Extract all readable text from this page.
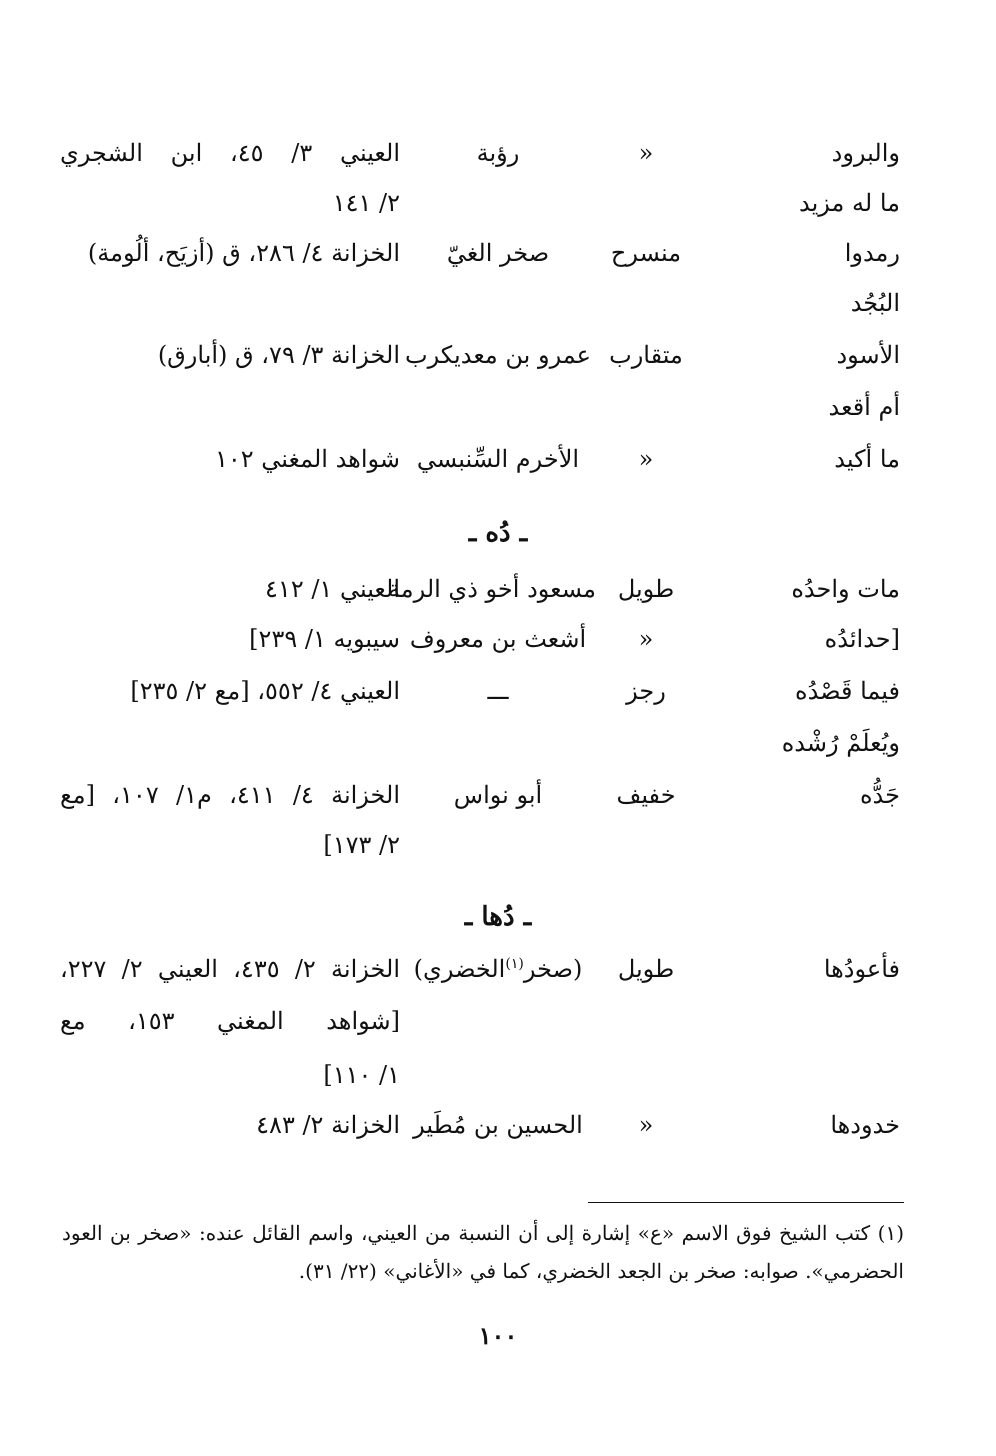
والبرود
«
رؤبة
العيني ٣/ ٤٥، ابن الشجري
ما له مزيد
٢/ ١٤١
رمدوا
منسرح
صخر الغيّ
الخزانة ٤/ ٢٨٦، ق (أزيَح، ألُومة)
البُجُد
الأسود
متقارب
عمرو بن معديكرب
الخزانة ٣/ ٧٩، ق (أبارق)
أم أقعد
ما أكيد
«
الأخرم السِّنبسي
شواهد المغني ١٠٢
ـ دُه ـ
مات واحدُه
طويل
مسعود أخو ذي الرمة
العيني ١/ ٤١٢
[حدائدُه
«
أشعث بن معروف
سيبويه ١/ ٢٣٩]
فيما قَصْدُه
رجز
ـــ
العيني ٤/ ٥٥٢، [مع ٢/ ٢٣٥]
ويُعلَمْ رُشْده
جَدُّه
خفيف
أبو نواس
الخزانة ٤/ ٤١١، م١/ ١٠٧، [مع
٢/ ١٧٣]
ـ دُها ـ
فأعودُها
طويل
(صخر$^{(١)}$الخضري)
الخزانة ٢/ ٤٣٥، العيني ٢/ ٢٢٧،
[شواهد المغني ١٥٣، مع
١/ ١١٠]
خدودها
«
الحسين بن مُطَير
الخزانة ٢/ ٤٨٣
(١) كتب الشيخ فوق الاسم «ع» إشارة إلى أن النسبة من العيني، واسم القائل عنده: «صخر بن العود الحضرمي». صوابه: صخر بن الجعد الخضري، كما في «الأغاني» (٢٢/ ٣١).
١٠٠
